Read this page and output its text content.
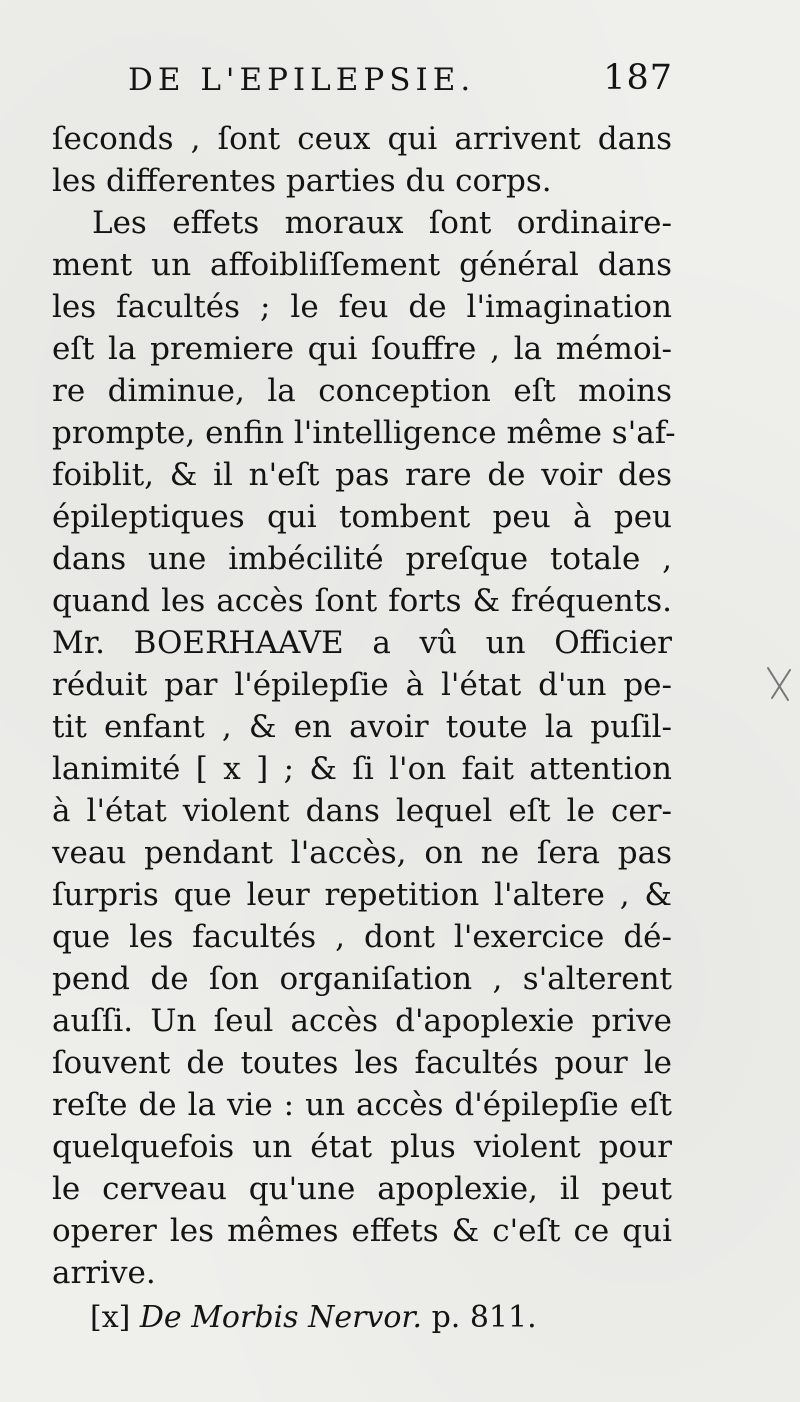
DE L'EPILEPSIE.	187
ſeconds , ſont ceux qui arrivent dans
les differentes parties du corps.
Les effets moraux ſont ordinaire-
ment un affoibliſſement général dans
les facultés ; le feu de l'imagination
eſt la premiere qui ſouffre , la mémoi-
re diminue, la conception eſt moins
prompte, enfin l'intelligence même s'af-
foiblit, & il n'eſt pas rare de voir des
épileptiques qui tombent peu à peu
dans une imbécilité preſque totale ,
quand les accès ſont forts & fréquents.
Mr. BOERHAAVE a vû un Officier
réduit par l'épilepſie à l'état d'un pe-
tit enfant , & en avoir toute la puſil-
lanimité [ x ] ; & ſi l'on fait attention
à l'état violent dans lequel eſt le cer-
veau pendant l'accès, on ne ſera pas
ſurpris que leur repetition l'altere , &
que les facultés , dont l'exercice dé-
pend de ſon organiſation , s'alterent
auſſi. Un ſeul accès d'apoplexie prive
ſouvent de toutes les facultés pour le
reſte de la vie : un accès d'épilepſie eſt
quelquefois un état plus violent pour
le cerveau qu'une apoplexie, il peut
operer les mêmes effets & c'eſt ce qui
arrive.
[x] De Morbis Nervor. p. 811.
